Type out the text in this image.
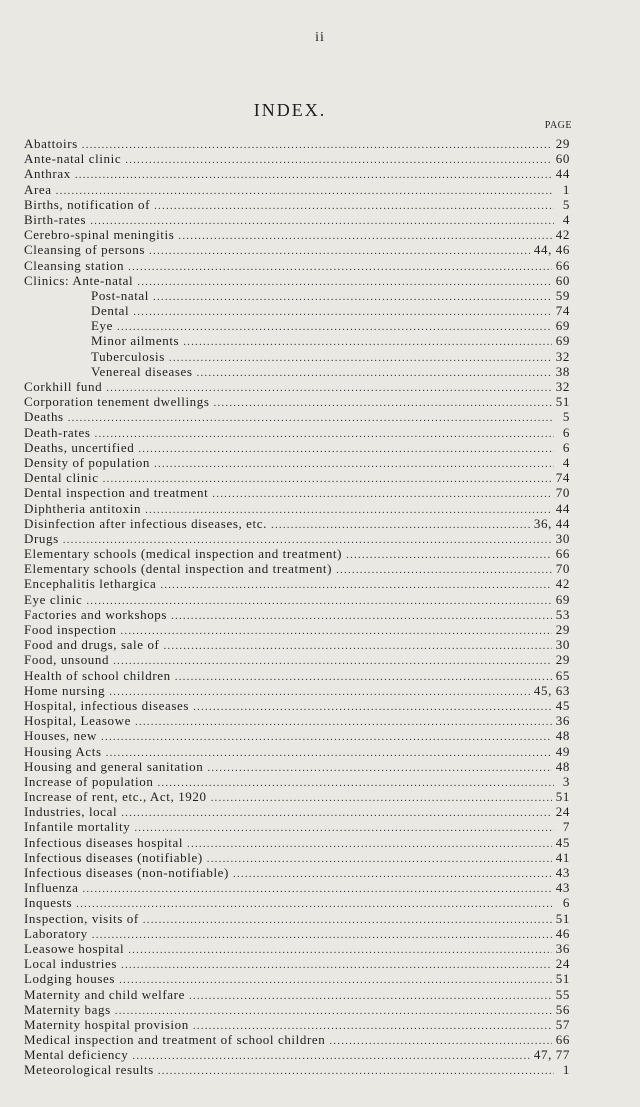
ii
INDEX.
PAGE
Abattoirs .....	29
Ante-natal clinic .....	60
Anthrax .....	44
Area .....	1
Births, notification of .....	5
Birth-rates .....	4
Cerebro-spinal meningitis .....	42
Cleansing of persons .....	44, 46
Cleansing station .....	66
Clinics: Ante-natal .....	60
Post-natal .....	59
Dental .....	74
Eye .....	69
Minor ailments .....	69
Tuberculosis .....	32
Venereal diseases .....	38
Corkhill fund .....	32
Corporation tenement dwellings .....	51
Deaths .....	5
Death-rates .....	6
Deaths, uncertified .....	6
Density of population .....	4
Dental clinic .....	74
Dental inspection and treatment .....	70
Diphtheria antitoxin .....	44
Disinfection after infectious diseases, etc. .....	36, 44
Drugs .....	30
Elementary schools (medical inspection and treatment) .....	66
Elementary schools (dental inspection and treatment) .....	70
Encephalitis lethargica .....	42
Eye clinic .....	69
Factories and workshops .....	53
Food inspection .....	29
Food and drugs, sale of .....	30
Food, unsound .....	29
Health of school children .....	65
Home nursing .....	45, 63
Hospital, infectious diseases .....	45
Hospital, Leasowe .....	36
Houses, new .....	48
Housing Acts .....	49
Housing and general sanitation .....	48
Increase of population .....	3
Increase of rent, etc., Act, 1920 .....	51
Industries, local .....	24
Infantile mortality .....	7
Infectious diseases hospital .....	45
Infectious diseases (notifiable) .....	41
Infectious diseases (non-notifiable) .....	43
Influenza .....	43
Inquests .....	6
Inspection, visits of .....	51
Laboratory .....	46
Leasowe hospital .....	36
Local industries .....	24
Lodging houses .....	51
Maternity and child welfare .....	55
Maternity bags .....	56
Maternity hospital provision .....	57
Medical inspection and treatment of school children .....	66
Mental deficiency .....	47, 77
Meteorological results .....	1
